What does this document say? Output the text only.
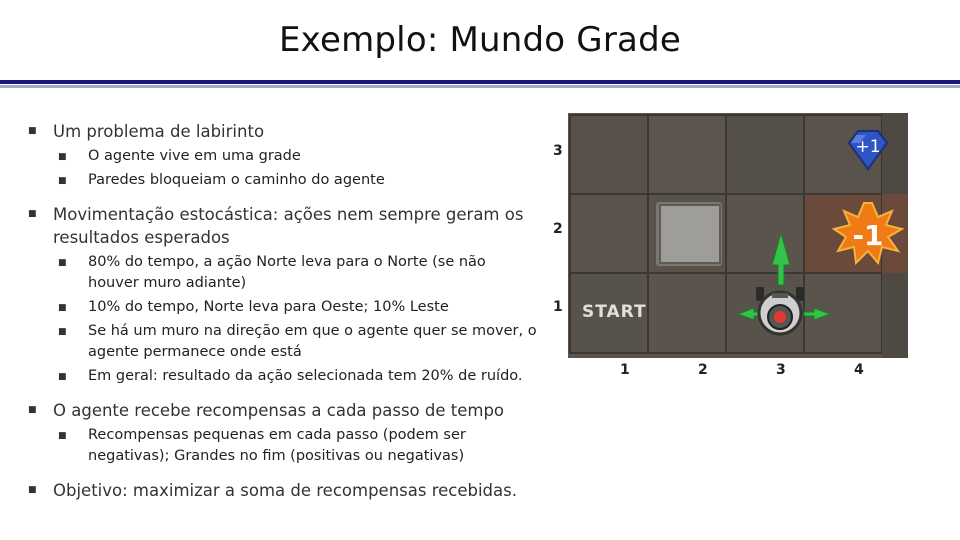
Exemplo: Mundo Grade
■ Um problema de labirinto
■ O agente vive em uma grade
■ Paredes bloqueiam o caminho do agente
■ Movimentação estocástica: ações nem sempre geram os resultados esperados
■ 80% do tempo, a ação Norte leva para o Norte (se não houver muro adiante)
■ 10% do tempo, Norte leva para Oeste; 10% Leste
■ Se há um muro na direção em que o agente quer se mover, o agente permanece onde está
■ Em geral: resultado da ação selecionada tem 20% de ruído.
■ O agente recebe recompensas a cada passo de tempo
■ Recompensas pequenas em cada passo (podem ser negativas); Grandes no fim (positivas ou negativas)
■ Objetivo: maximizar a soma de recompensas recebidas.
3
2
1
1	2	3	4
+1
-1
START
